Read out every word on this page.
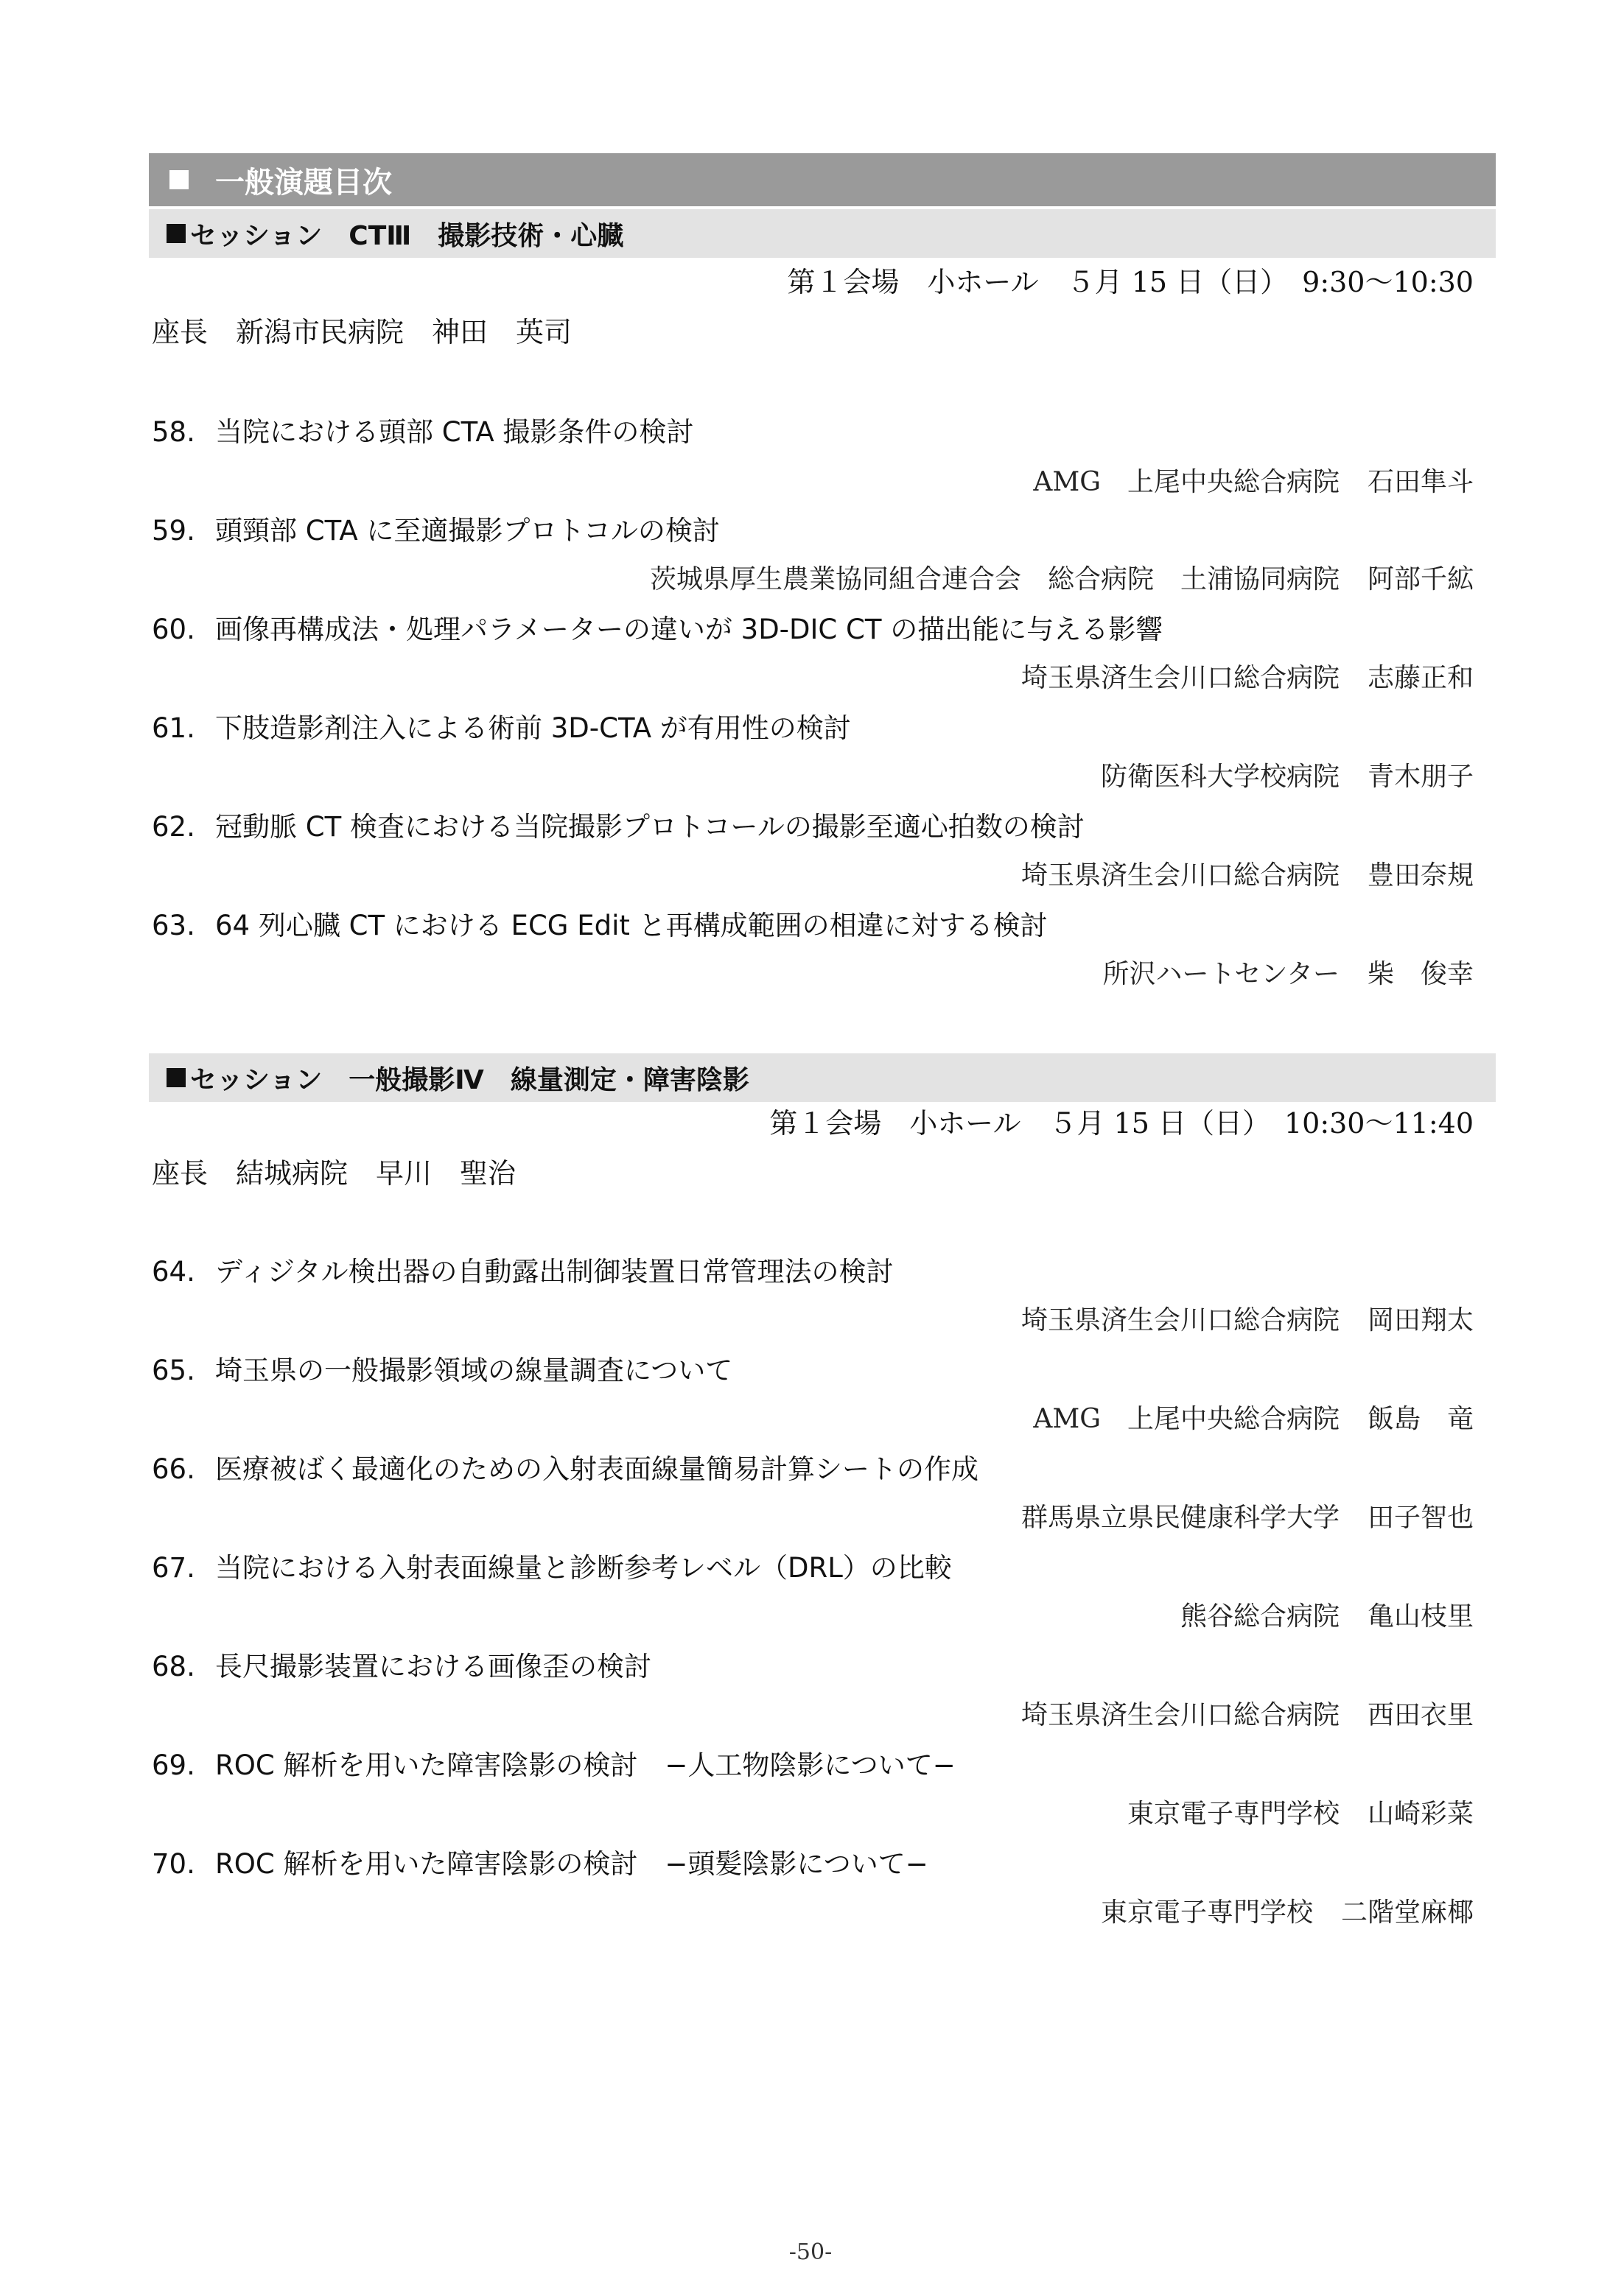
一般演題目次
セッション　CTⅢ　撮影技術・心臓
第１会場　小ホール　５月 15 日（日）　9:30〜10:30
座長　新潟市民病院　神田　英司
58. 当院における頭部 CTA 撮影条件の検討
AMG　上尾中央総合病院 石田隼斗
59. 頭頸部 CTA に至適撮影プロトコルの検討
茨城県厚生農業協同組合連合会　総合病院　土浦協同病院 阿部千絋
60. 画像再構成法・処理パラメーターの違いが 3D-DIC CT の描出能に与える影響
埼玉県済生会川口総合病院 志藤正和
61. 下肢造影剤注入による術前 3D-CTA が有用性の検討
防衛医科大学校病院 青木朋子
62. 冠動脈 CT 検査における当院撮影プロトコールの撮影至適心拍数の検討
埼玉県済生会川口総合病院 豊田奈規
63. 64 列心臓 CT における ECG Edit と再構成範囲の相違に対する検討
所沢ハートセンター 柴　俊幸
セッション　一般撮影Ⅳ　線量測定・障害陰影
第１会場　小ホール　５月 15 日（日）　10:30〜11:40
座長　結城病院　早川　聖治
64. ディジタル検出器の自動露出制御装置日常管理法の検討
埼玉県済生会川口総合病院 岡田翔太
65. 埼玉県の一般撮影領域の線量調査について
AMG　上尾中央総合病院 飯島　竜
66. 医療被ばく最適化のための入射表面線量簡易計算シートの作成
群馬県立県民健康科学大学 田子智也
67. 当院における入射表面線量と診断参考レベル（DRL）の比較
熊谷総合病院 亀山枝里
68. 長尺撮影装置における画像歪の検討
埼玉県済生会川口総合病院 西田衣里
69. ROC 解析を用いた障害陰影の検討　−人工物陰影について−
東京電子専門学校 山崎彩菜
70. ROC 解析を用いた障害陰影の検討　−頭髪陰影について−
東京電子専門学校 二階堂麻椰
-50-
